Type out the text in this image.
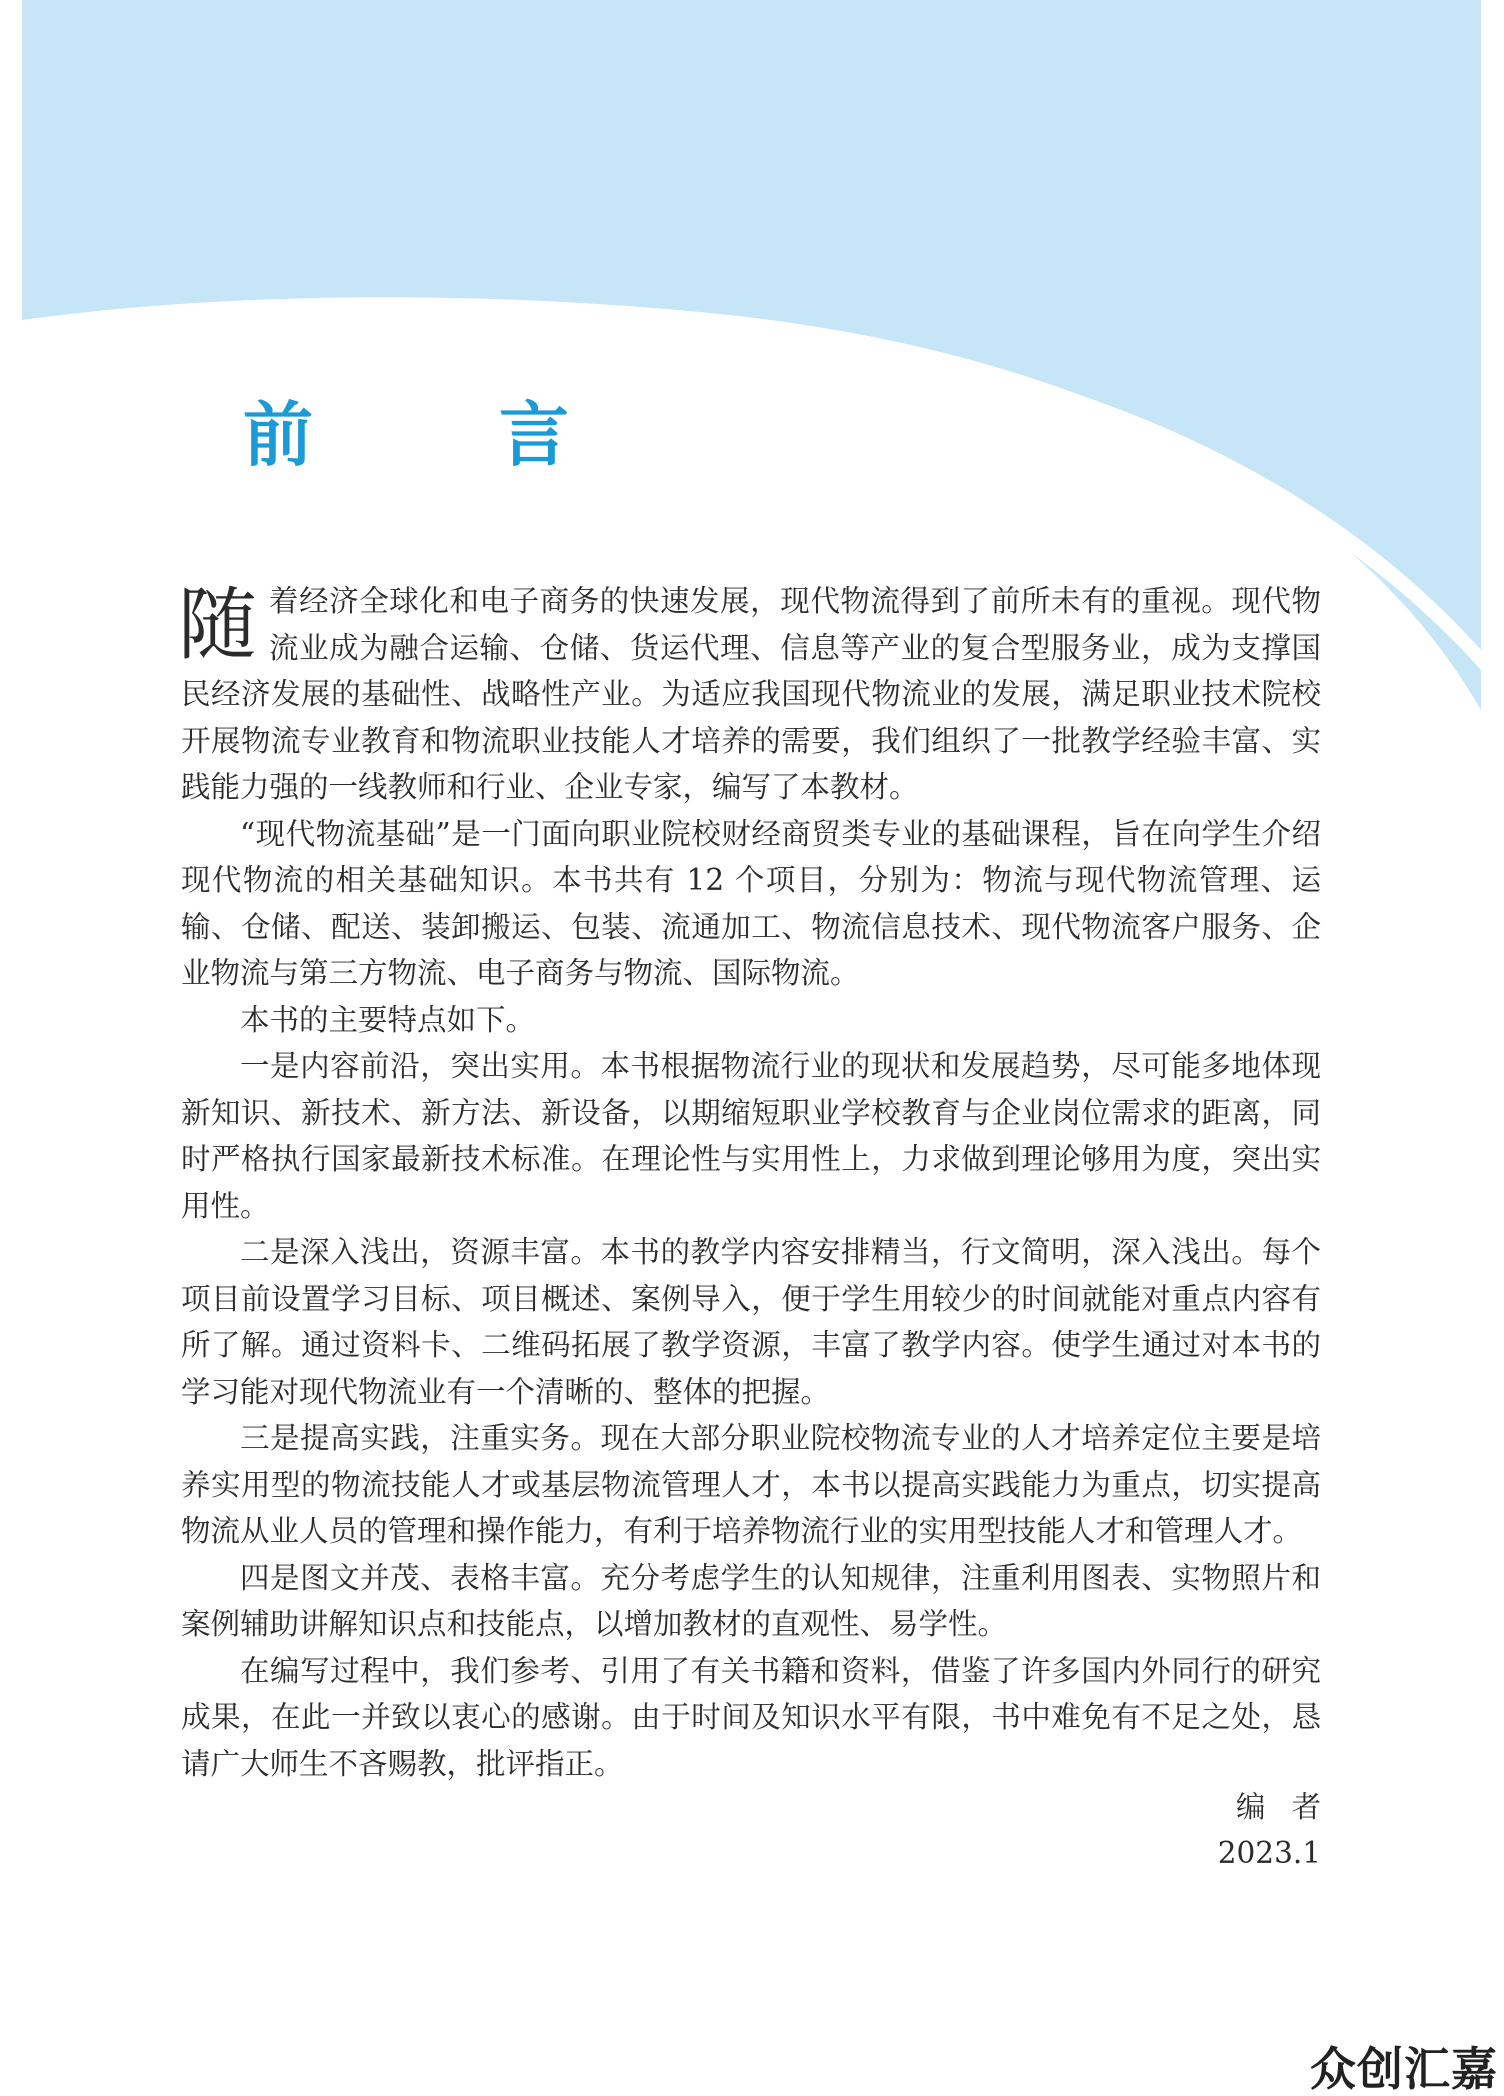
前　言

随着经济全球化和电子商务的快速发展，现代物流得到了前所未有的重视。现代物流业成为融合运输、仓储、货运代理、信息等产业的复合型服务业，成为支撑国民经济发展的基础性、战略性产业。为适应我国现代物流业的发展，满足职业技术院校开展物流专业教育和物流职业技能人才培养的需要，我们组织了一批教学经验丰富、实践能力强的一线教师和行业、企业专家，编写了本教材。

“现代物流基础”是一门面向职业院校财经商贸类专业的基础课程，旨在向学生介绍现代物流的相关基础知识。本书共有 12 个项目，分别为：物流与现代物流管理、运输、仓储、配送、装卸搬运、包装、流通加工、物流信息技术、现代物流客户服务、企业物流与第三方物流、电子商务与物流、国际物流。

本书的主要特点如下。

一是内容前沿，突出实用。本书根据物流行业的现状和发展趋势，尽可能多地体现新知识、新技术、新方法、新设备，以期缩短职业学校教育与企业岗位需求的距离，同时严格执行国家最新技术标准。在理论性与实用性上，力求做到理论够用为度，突出实用性。

二是深入浅出，资源丰富。本书的教学内容安排精当，行文简明，深入浅出。每个项目前设置学习目标、项目概述、案例导入，便于学生用较少的时间就能对重点内容有所了解。通过资料卡、二维码拓展了教学资源，丰富了教学内容。使学生通过对本书的学习能对现代物流业有一个清晰的、整体的把握。

三是提高实践，注重实务。现在大部分职业院校物流专业的人才培养定位主要是培养实用型的物流技能人才或基层物流管理人才，本书以提高实践能力为重点，切实提高物流从业人员的管理和操作能力，有利于培养物流行业的实用型技能人才和管理人才。

四是图文并茂、表格丰富。充分考虑学生的认知规律，注重利用图表、实物照片和案例辅助讲解知识点和技能点，以增加教材的直观性、易学性。

在编写过程中，我们参考、引用了有关书籍和资料，借鉴了许多国内外同行的研究成果，在此一并致以衷心的感谢。由于时间及知识水平有限，书中难免有不足之处，恳请广大师生不吝赐教，批评指正。

编者
2023.1
众创汇嘉
